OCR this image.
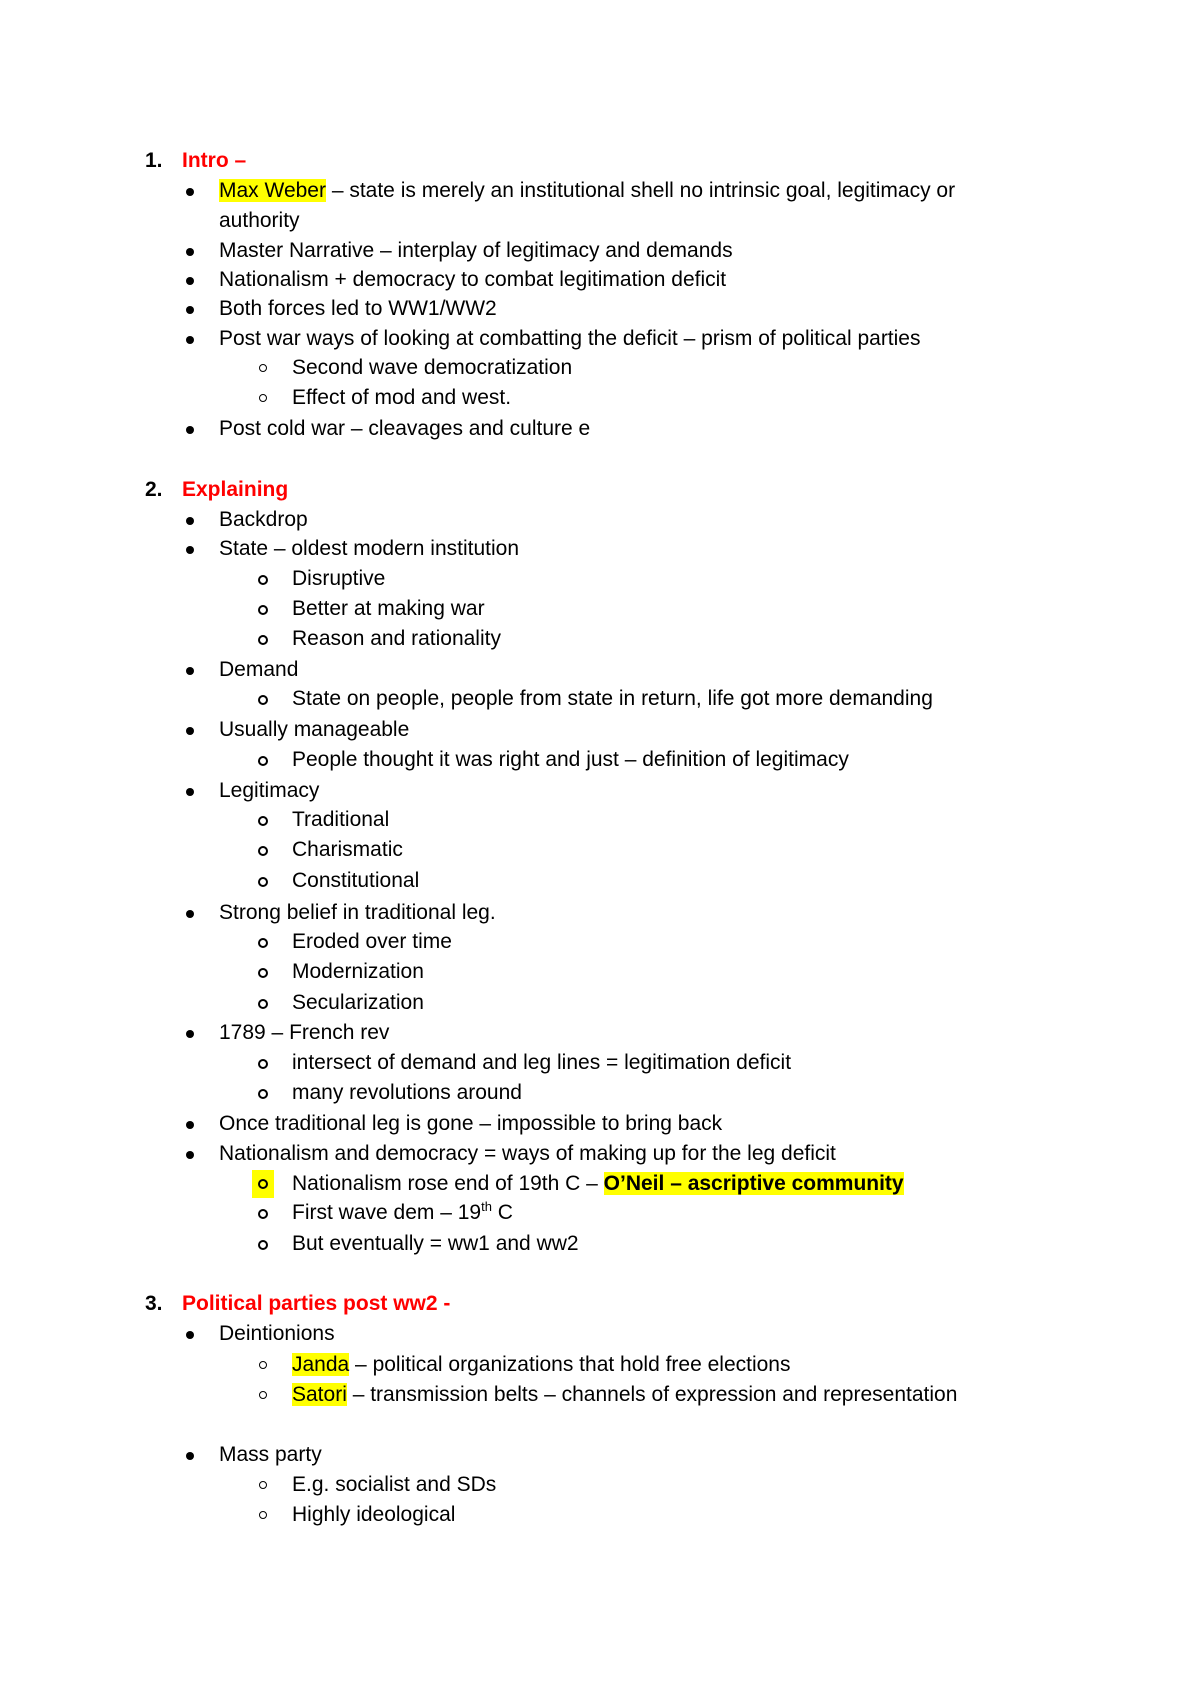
1. Intro –
Max Weber – state is merely an institutional shell no intrinsic goal, legitimacy or
authority
Master Narrative – interplay of legitimacy and demands
Nationalism + democracy to combat legitimation deficit
Both forces led to WW1/WW2
Post war ways of looking at combatting the deficit – prism of political parties
Second wave democratization
Effect of mod and west.
Post cold war – cleavages and culture e
2. Explaining
Backdrop
State – oldest modern institution
Disruptive
Better at making war
Reason and rationality
Demand
State on people, people from state in return, life got more demanding
Usually manageable
People thought it was right and just – definition of legitimacy
Legitimacy
Traditional
Charismatic
Constitutional
Strong belief in traditional leg.
Eroded over time
Modernization
Secularization
1789 – French rev
intersect of demand and leg lines = legitimation deficit
many revolutions around
Once traditional leg is gone – impossible to bring back
Nationalism and democracy = ways of making up for the leg deficit
Nationalism rose end of 19th C – O’Neil – ascriptive community
First wave dem – 19th C
But eventually = ww1 and ww2
3. Political parties post ww2 -
Deintionions
Janda – political organizations that hold free elections
Satori – transmission belts – channels of expression and representation
Mass party
E.g. socialist and SDs
Highly ideological
